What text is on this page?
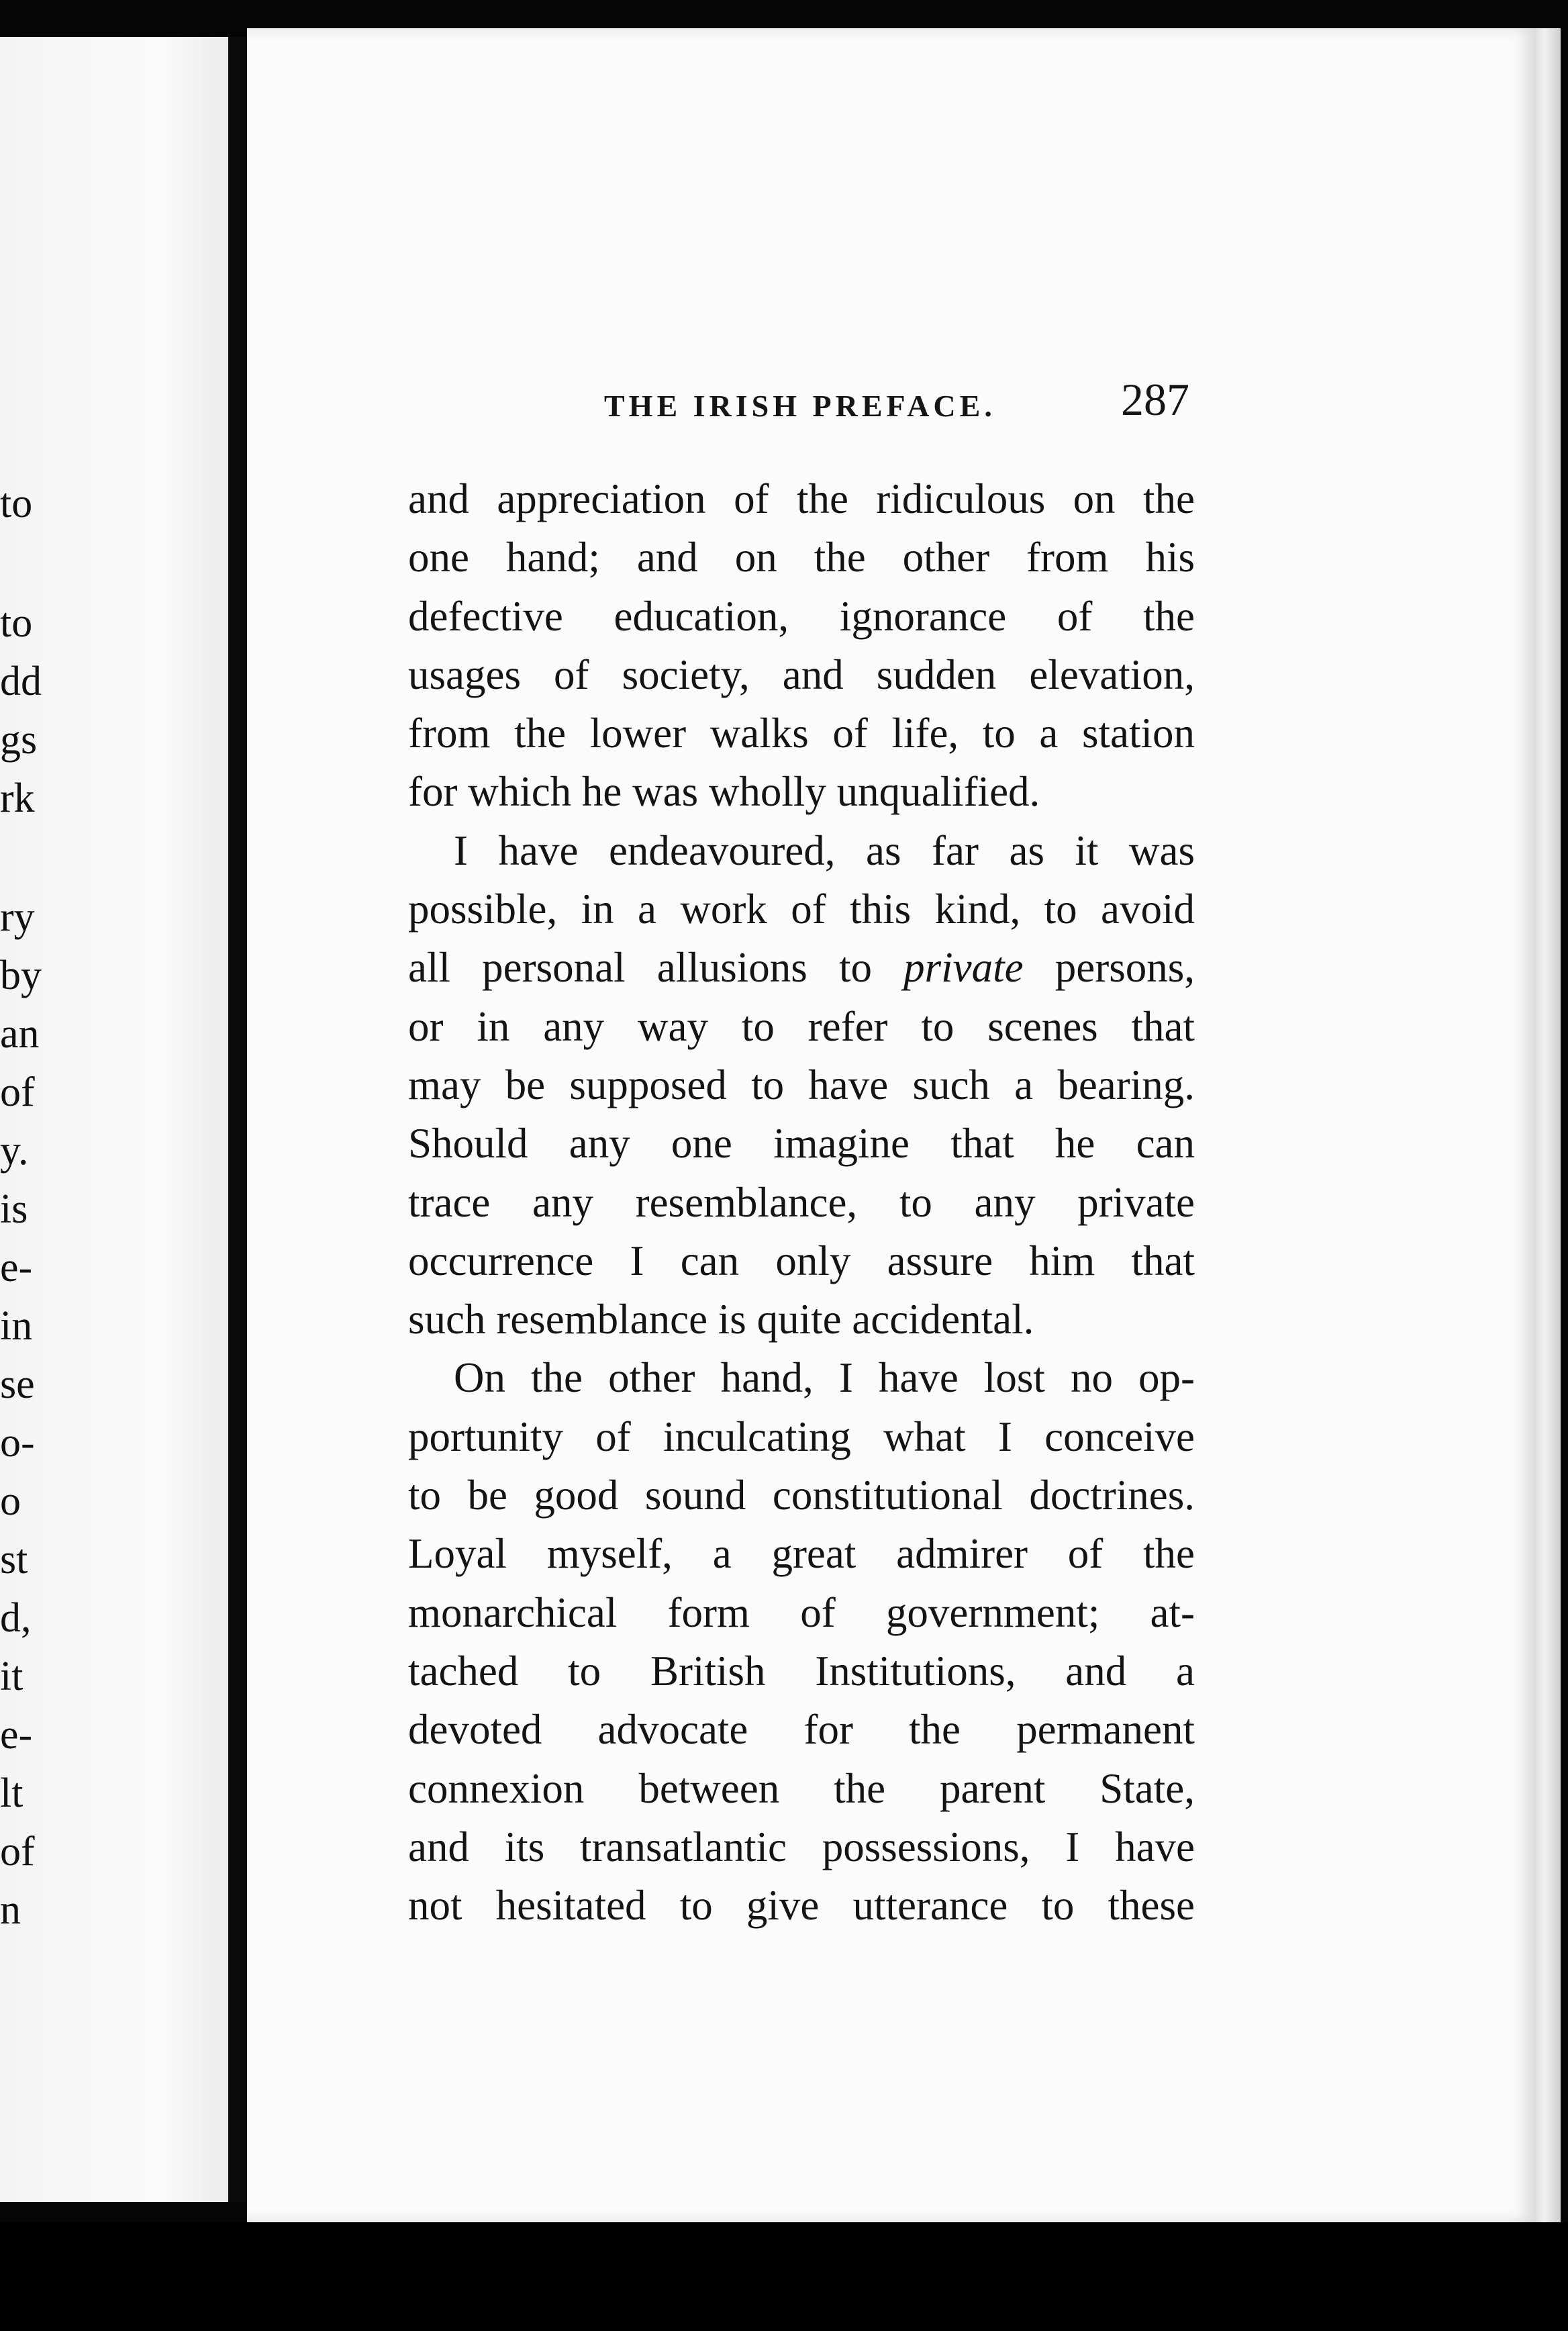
to
to
dd
gs
rk
ry
by
an
of
y.
is
e-
in
se
o-
o
st
d,
it
e-
lt
of
n
THE IRISH PREFACE.	287
and appreciation of the ridiculous on the
one hand; and on the other from his
defective education, ignorance of the
usages of society, and sudden elevation,
from the lower walks of life, to a station
for which he was wholly unqualified.
I have endeavoured, as far as it was
possible, in a work of this kind, to avoid
all personal allusions to private persons,
or in any way to refer to scenes that
may be supposed to have such a bearing.
Should any one imagine that he can
trace any resemblance, to any private
occurrence I can only assure him that
such resemblance is quite accidental.
On the other hand, I have lost no op-
portunity of inculcating what I conceive
to be good sound constitutional doctrines.
Loyal myself, a great admirer of the
monarchical form of government; at-
tached to British Institutions, and a
devoted advocate for the permanent
connexion between the parent State,
and its transatlantic possessions, I have
not hesitated to give utterance to these
